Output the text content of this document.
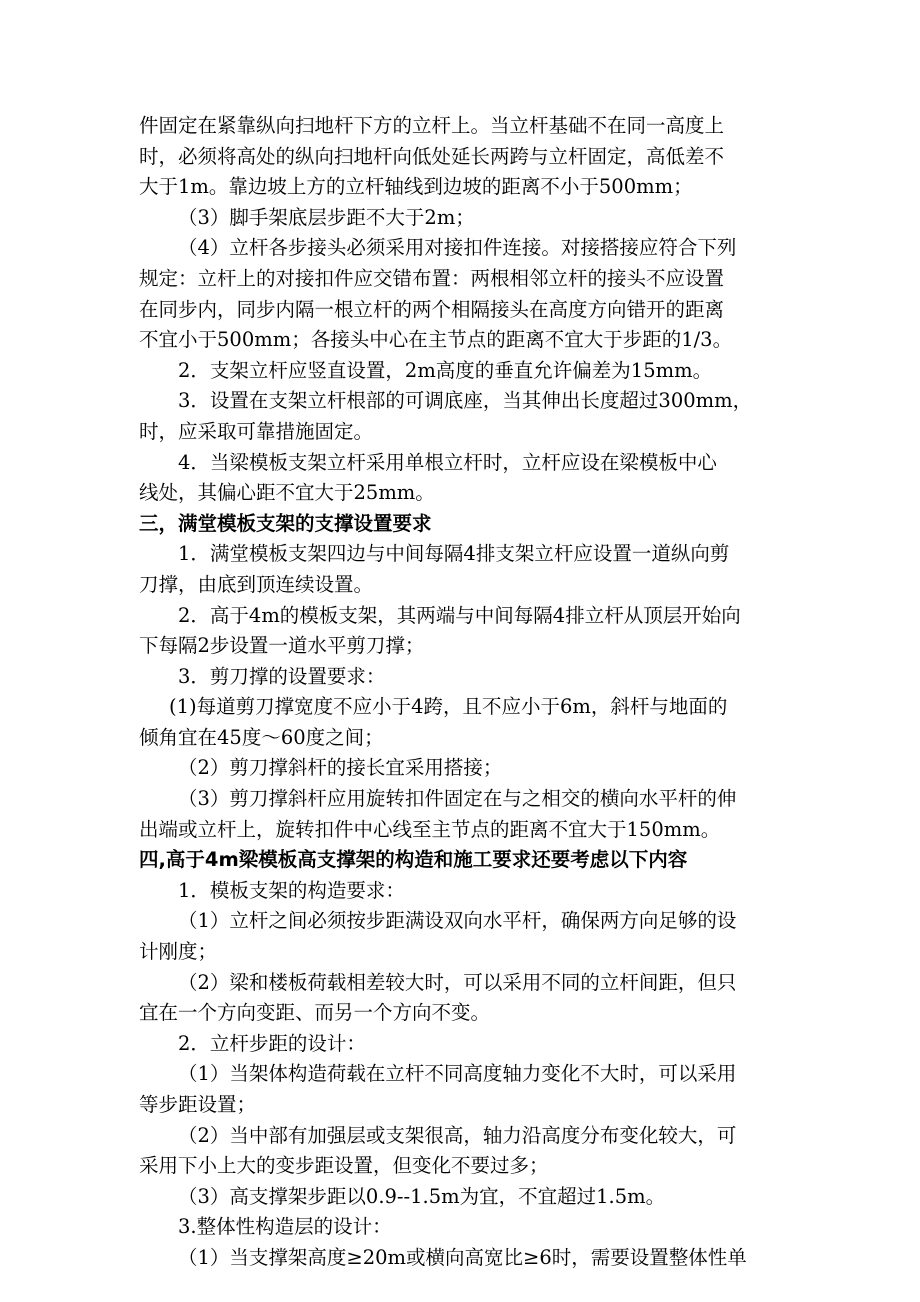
件固定在紧靠纵向扫地杆下方的立杆上。当立杆基础不在同一高度上
时，必须将高处的纵向扫地杆向低处延长两跨与立杆固定，高低差不
大于1m。靠边坡上方的立杆轴线到边坡的距离不小于500mm；
（3）脚手架底层步距不大于2m；
（4）立杆各步接头必须采用对接扣件连接。对接搭接应符合下列
规定：立杆上的对接扣件应交错布置：两根相邻立杆的接头不应设置
在同步内，同步内隔一根立杆的两个相隔接头在高度方向错开的距离
不宜小于500mm；各接头中心在主节点的距离不宜大于步距的1/3。
2．支架立杆应竖直设置，2m高度的垂直允许偏差为15mm。
3．设置在支架立杆根部的可调底座，当其伸出长度超过300mm，
时，应采取可靠措施固定。
4．当梁模板支架立杆采用单根立杆时，立杆应设在梁模板中心
线处，其偏心距不宜大于25mm。
三，满堂模板支架的支撑设置要求
1．满堂模板支架四边与中间每隔4排支架立杆应设置一道纵向剪
刀撑，由底到顶连续设置。
2．高于4m的模板支架，其两端与中间每隔4排立杆从顶层开始向
下每隔2步设置一道水平剪刀撑；
3．剪刀撑的设置要求：
(1)每道剪刀撑宽度不应小于4跨，且不应小于6m，斜杆与地面的
倾角宜在45度～60度之间；
（2）剪刀撑斜杆的接长宜采用搭接；
（3）剪刀撑斜杆应用旋转扣件固定在与之相交的横向水平杆的伸
出端或立杆上，旋转扣件中心线至主节点的距离不宜大于150mm。
四,高于4m梁模板高支撑架的构造和施工要求还要考虑以下内容
1．模板支架的构造要求：
（1）立杆之间必须按步距满设双向水平杆，确保两方向足够的设
计刚度；
（2）梁和楼板荷载相差较大时，可以采用不同的立杆间距，但只
宜在一个方向变距、而另一个方向不变。
2．立杆步距的设计：
（1）当架体构造荷载在立杆不同高度轴力变化不大时，可以采用
等步距设置；
（2）当中部有加强层或支架很高，轴力沿高度分布变化较大，可
采用下小上大的变步距设置，但变化不要过多；
（3）高支撑架步距以0.9--1.5m为宜，不宜超过1.5m。
3.整体性构造层的设计：
（1）当支撑架高度≥20m或横向高宽比≥6时，需要设置整体性单
